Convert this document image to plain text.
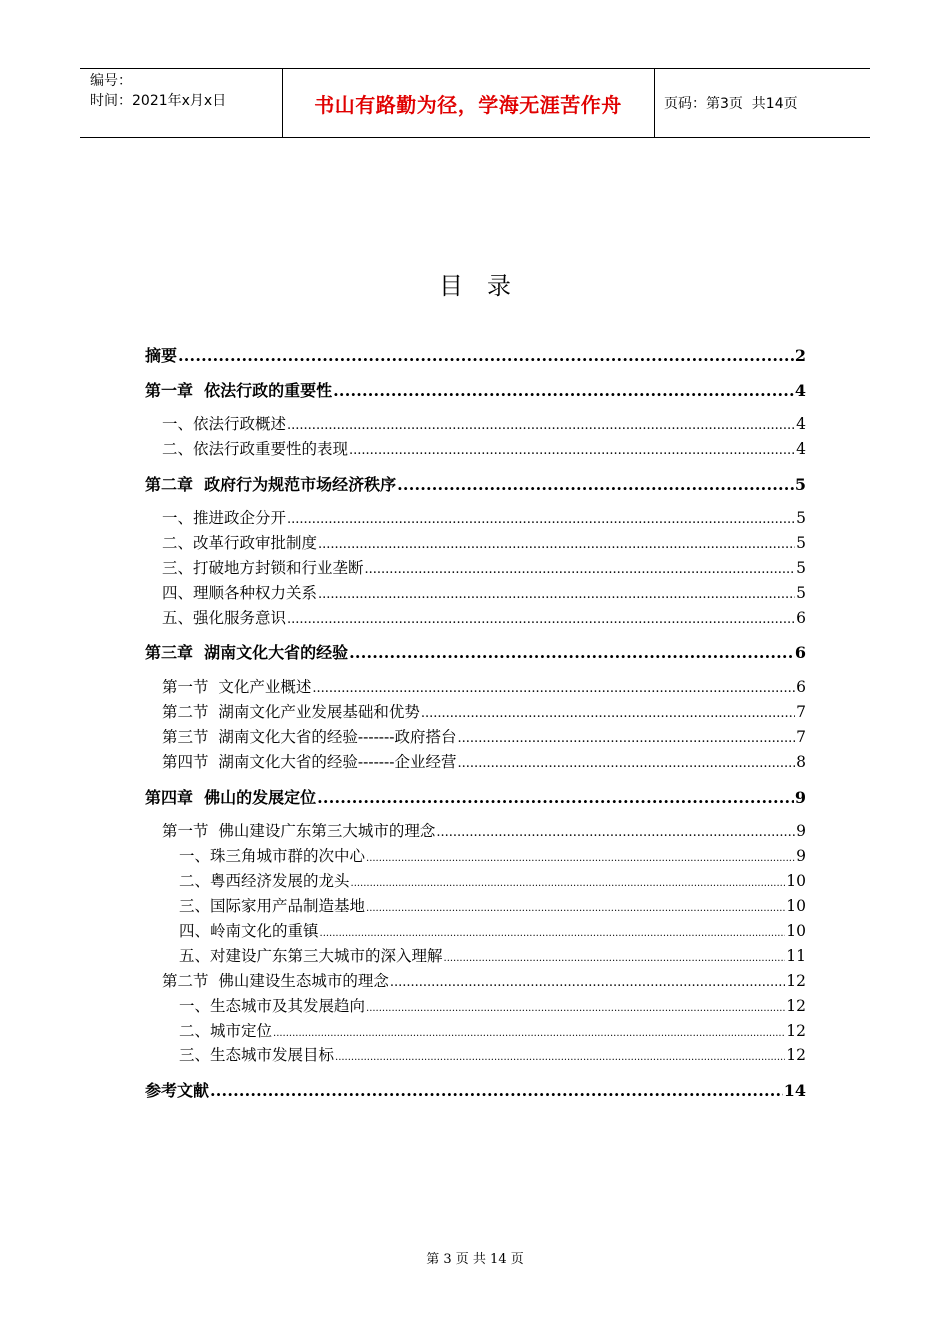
编号：
时间：2021年x月x日	书山有路勤为径，学海无涯苦作舟	页码：第3页  共14页
目录
摘要 .....	2
第一章  依法行政的重要性 .....	4
一、依法行政概述 .....	4
二、依法行政重要性的表现 .....	4
第二章  政府行为规范市场经济秩序 .....	5
一、推进政企分开 .....	5
二、改革行政审批制度 .....	5
三、打破地方封锁和行业垄断 .....	5
四、理顺各种权力关系 .....	5
五、强化服务意识 .....	6
第三章  湖南文化大省的经验 .....	6
第一节  文化产业概述 .....	6
第二节  湖南文化产业发展基础和优势 .....	7
第三节  湖南文化大省的经验-------政府搭台 .....	7
第四节  湖南文化大省的经验-------企业经营 .....	8
第四章  佛山的发展定位 .....	9
第一节  佛山建设广东第三大城市的理念 .....	9
一、珠三角城市群的次中心 .....	9
二、粤西经济发展的龙头 .....	10
三、国际家用产品制造基地 .....	10
四、岭南文化的重镇 .....	10
五、对建设广东第三大城市的深入理解 .....	11
第二节  佛山建设生态城市的理念 .....	12
一、生态城市及其发展趋向 .....	12
二、城市定位 .....	12
三、生态城市发展目标 .....	12
参考文献 .....	14
第 3 页 共 14 页
